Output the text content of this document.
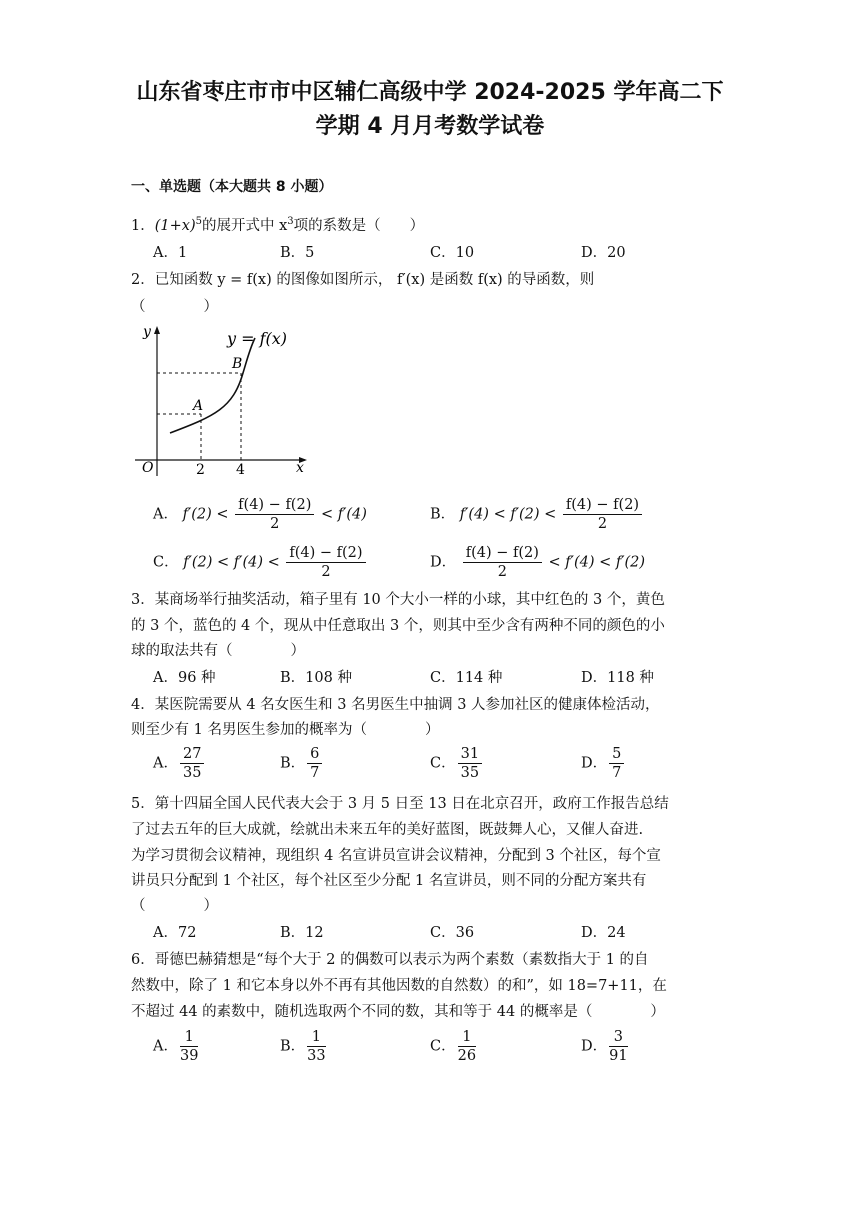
山东省枣庄市市中区辅仁高级中学 2024-2025 学年高二下
学期 4 月月考数学试卷
一、单选题（本大题共 8 小题）
1．$(1+x)^5$的展开式中 $x^3$项的系数是（　　）
A．1	B．5	C．10	D．20
2．已知函数 y = f(x) 的图像如图所示， f′(x) 是函数 f(x) 的导函数，则
（　　　　）
y = f(x)
y
x
O
A
B
2 4
A． $f'(2) < \frac{f(4) - f(2)}{2} < f'(4)$	B． $f'(4) < f'(2) < \frac{f(4) - f(2)}{2}$
C． $f'(2) < f'(4) < \frac{f(4) - f(2)}{2}$	D． $\frac{f(4) - f(2)}{2} < f'(4) < f'(2)$
3．某商场举行抽奖活动，箱子里有 10 个大小一样的小球，其中红色的 3 个，黄色
的 3 个，蓝色的 4 个，现从中任意取出 3 个，则其中至少含有两种不同的颜色的小
球的取法共有（　　　　）
A．96 种	B．108 种	C．114 种	D．118 种
4．某医院需要从 4 名女医生和 3 名男医生中抽调 3 人参加社区的健康体检活动，
则至少有 1 名男医生参加的概率为（　　　　）
A． $\frac{27}{35}$	B． $\frac{6}{7}$	C． $\frac{31}{35}$	D． $\frac{5}{7}$
5．第十四届全国人民代表大会于 3 月 5 日至 13 日在北京召开，政府工作报告总结
了过去五年的巨大成就，绘就出未来五年的美好蓝图，既鼓舞人心，又催人奋进.
为学习贯彻会议精神，现组织 4 名宣讲员宣讲会议精神，分配到 3 个社区，每个宣
讲员只分配到 1 个社区，每个社区至少分配 1 名宣讲员，则不同的分配方案共有
（　　　　）
A．72	B．12	C．36	D．24
6．哥德巴赫猜想是“每个大于 2 的偶数可以表示为两个素数（素数指大于 1 的自
然数中，除了 1 和它本身以外不再有其他因数的自然数）的和”，如 18=7+11，在
不超过 44 的素数中，随机选取两个不同的数，其和等于 44 的概率是（　　　　）
A． $\frac{1}{39}$	B． $\frac{1}{33}$	C． $\frac{1}{26}$	D． $\frac{3}{91}$
